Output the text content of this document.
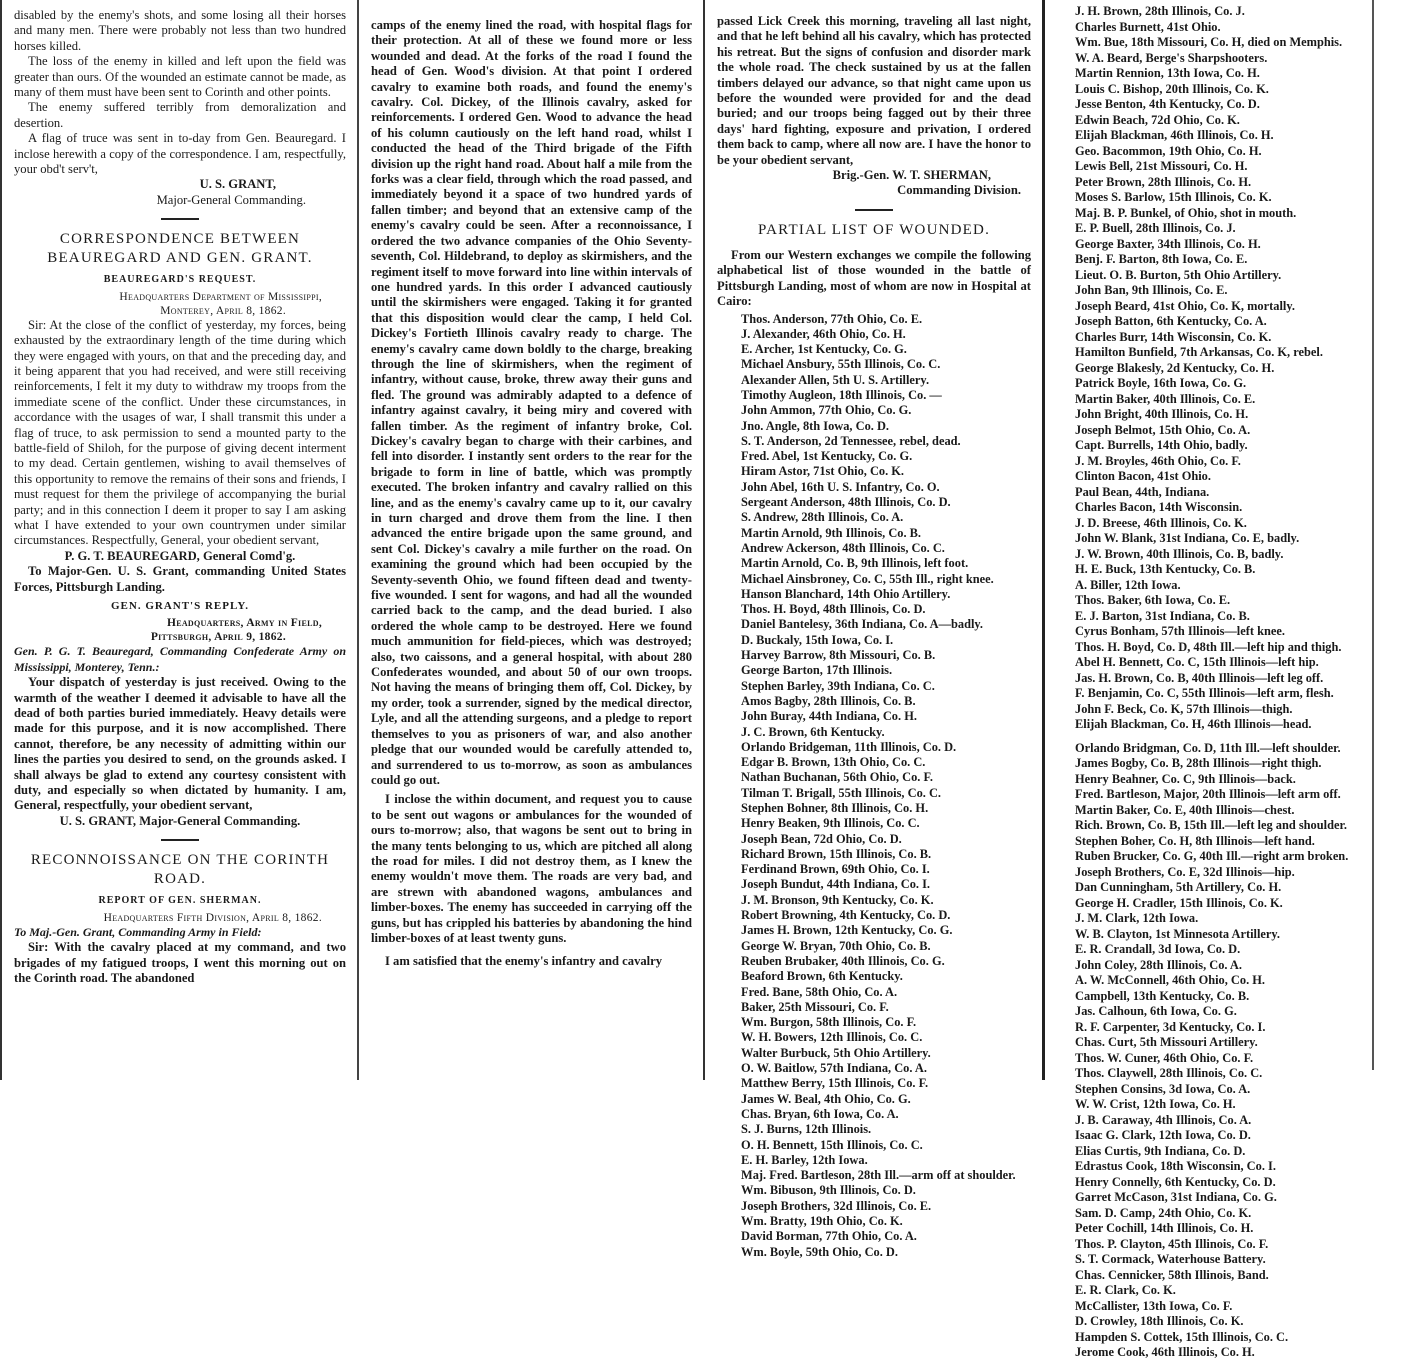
disabled by the enemy's shots, and some losing all their horses and many men. There were probably not less than two hundred horses killed.

The loss of the enemy in killed and left upon the field was greater than ours. Of the wounded an estimate cannot be made, as many of them must have been sent to Corinth and other points.

The enemy suffered terribly from demoralization and desertion.

A flag of truce was sent in to-day from Gen. Beauregard. I inclose herewith a copy of the correspondence. I am, respectfully, your obd't serv't,

U. S. GRANT,
Major-General Commanding.
CORRESPONDENCE BETWEEN BEAUREGARD AND GEN. GRANT.
BEAUREGARD'S REQUEST.
Headquarters Department of Mississippi,
Monterey, April 8, 1862.

Sir: At the close of the conflict of yesterday, my forces, being exhausted by the extraordinary length of the time during which they were engaged with yours, on that and the preceding day, and it being apparent that you had received, and were still receiving reinforcements, I felt it my duty to withdraw my troops from the immediate scene of the conflict. Under these circumstances, in accordance with the usages of war, I shall transmit this under a flag of truce, to ask permission to send a mounted party to the battle-field of Shiloh, for the purpose of giving decent interment to my dead. Certain gentlemen, wishing to avail themselves of this opportunity to remove the remains of their sons and friends, I must request for them the privilege of accompanying the burial party; and in this connection I deem it proper to say I am asking what I have extended to your own countrymen under similar circumstances. Respectfully, General, your obedient servant,

P. G. T. BEAUREGARD, General Comd'g.

To Major-Gen. U. S. Grant, commanding United States Forces, Pittsburgh Landing.

GEN. GRANT'S REPLY.
Headquarters, Army in Field,
Pittsburgh, April 9, 1862.

Gen. P. G. T. Beauregard, Commanding Confederate Army on Mississippi, Monterey, Tenn.:

Your dispatch of yesterday is just received. Owing to the warmth of the weather I deemed it advisable to have all the dead of both parties buried immediately. Heavy details were made for this purpose, and it is now accomplished. There cannot, therefore, be any necessity of admitting within our lines the parties you desired to send, on the grounds asked. I shall always be glad to extend any courtesy consistent with duty, and especially so when dictated by humanity. I am, General, respectfully, your obedient servant,

U. S. GRANT, Major-General Commanding.
RECONNOISSANCE ON THE CORINTH ROAD.
REPORT OF GEN. SHERMAN.
Headquarters Fifth Division, April 8, 1862.

To Maj.-Gen. Grant, Commanding Army in Field:

Sir: With the cavalry placed at my command, and two brigades of my fatigued troops, I went this morning out on the Corinth road. The abandoned

camps of the enemy lined the road, with hospital flags for their protection. At all of these we found more or less wounded and dead. At the forks of the road I found the head of Gen. Wood's division. At that point I ordered cavalry to examine both roads, and found the enemy's cavalry. Col. Dickey, of the Illinois cavalry, asked for reinforcements. I ordered Gen. Wood to advance the head of his column cautiously on the left hand road, whilst I conducted the head of the Third brigade of the Fifth division up the right hand road. About half a mile from the forks was a clear field, through which the road passed, and immediately beyond it a space of two hundred yards of fallen timber; and beyond that an extensive camp of the enemy's cavalry could be seen. After a reconnoissance, I ordered the two advance companies of the Ohio Seventy-seventh, Col. Hildebrand, to deploy as skirmishers, and the regiment itself to move forward into line within intervals of one hundred yards. In this order I advanced cautiously until the skirmishers were engaged. Taking it for granted that this disposition would clear the camp, I held Col. Dickey's Fortieth Illinois cavalry ready to charge. The enemy's cavalry came down boldly to the charge, breaking through the line of skirmishers, when the regiment of infantry, without cause, broke, threw away their guns and fled. The ground was admirably adapted to a defence of infantry against cavalry, it being miry and covered with fallen timber. As the regiment of infantry broke, Col. Dickey's cavalry began to charge with their carbines, and fell into disorder. I instantly sent orders to the rear for the brigade to form in line of battle, which was promptly executed. The broken infantry and cavalry rallied on this line, and as the enemy's cavalry came up to it, our cavalry in turn charged and drove them from the line. I then advanced the entire brigade upon the same ground, and sent Col. Dickey's cavalry a mile further on the road. On examining the ground which had been occupied by the Seventy-seventh Ohio, we found fifteen dead and twenty-five wounded. I sent for wagons, and had all the wounded carried back to the camp, and the dead buried. I also ordered the whole camp to be destroyed. Here we found much ammunition for field-pieces, which was destroyed; also, two caissons, and a general hospital, with about 280 Confederates wounded, and about 50 of our own troops. Not having the means of bringing them off, Col. Dickey, by my order, took a surrender, signed by the medical director, Lyle, and all the attending surgeons, and a pledge to report themselves to you as prisoners of war, and also another pledge that our wounded would be carefully attended to, and surrendered to us to-morrow, as soon as ambulances could go out.

I inclose the within document, and request you to cause to be sent out wagons or ambulances for the wounded of ours to-morrow; also, that wagons be sent out to bring in the many tents belonging to us, which are pitched all along the road for miles. I did not destroy them, as I knew the enemy wouldn't move them. The roads are very bad, and are strewn with abandoned wagons, ambulances and limber-boxes. The enemy has succeeded in carrying off the guns, but has crippled his batteries by abandoning the hind limber-boxes of at least twenty guns.

I am satisfied that the enemy's infantry and cavalry

passed Lick Creek this morning, traveling all last night, and that he left behind all his cavalry, which has protected his retreat. But the signs of confusion and disorder mark the whole road. The check sustained by us at the fallen timbers delayed our advance, so that night came upon us before the wounded were provided for and the dead buried; and our troops being fagged out by their three days' hard fighting, exposure and privation, I ordered them back to camp, where all now are. I have the honor to be your obedient servant,

Brig.-Gen. W. T. SHERMAN,
Commanding Division.
PARTIAL LIST OF WOUNDED.

From our Western exchanges we compile the following alphabetical list of those wounded in the battle of Pittsburgh Landing, most of whom are now in Hospital at Cairo:

Thos. Anderson, 77th Ohio, Co. E.
J. Alexander, 46th Ohio, Co. H.
E. Archer, 1st Kentucky, Co. G.
Michael Ansbury, 55th Illinois, Co. C.
Alexander Allen, 5th U. S. Artillery.
Timothy Augleon, 18th Illinois, Co. —
John Ammon, 77th Ohio, Co. G.
Jno. Angle, 8th Iowa, Co. D.
S. T. Anderson, 2d Tennessee, rebel, dead.
Fred. Abel, 1st Kentucky, Co. G.
Hiram Astor, 71st Ohio, Co. K.
John Abel, 16th U. S. Infantry, Co. O.
Sergeant Anderson, 48th Illinois, Co. D.
S. Andrew, 28th Illinois, Co. A.
Martin Arnold, 9th Illinois, Co. B.
Andrew Ackerson, 48th Illinois, Co. C.
Martin Arnold, Co. B, 9th Illinois, left foot.
Michael Ainsbroney, Co. C, 55th Ill., right knee.
Hanson Blanchard, 14th Ohio Artillery.
Thos. H. Boyd, 48th Illinois, Co. D.
Daniel Bantelesy, 36th Indiana, Co. A—badly.
D. Buckaly, 15th Iowa, Co. I.
Harvey Barrow, 8th Missouri, Co. B.
George Barton, 17th Illinois.
Stephen Barley, 39th Indiana, Co. C.
Amos Bagby, 28th Illinois, Co. B.
John Buray, 44th Indiana, Co. H.
J. C. Brown, 6th Kentucky.
Orlando Bridgeman, 11th Illinois, Co. D.
Edgar B. Brown, 13th Ohio, Co. C.
Nathan Buchanan, 56th Ohio, Co. F.
Tilman T. Brigall, 55th Illinois, Co. C.
Stephen Bohner, 8th Illinois, Co. H.
Henry Beaken, 9th Illinois, Co. C.
Joseph Bean, 72d Ohio, Co. D.
Richard Brown, 15th Illinois, Co. B.
Ferdinand Brown, 69th Ohio, Co. I.
Joseph Bundut, 44th Indiana, Co. I.
J. M. Bronson, 9th Kentucky, Co. K.
Robert Browning, 4th Kentucky, Co. D.
James H. Brown, 12th Kentucky, Co. G.
George W. Bryan, 70th Ohio, Co. B.
Reuben Brubaker, 40th Illinois, Co. G.
Beaford Brown, 6th Kentucky.
Fred. Bane, 58th Ohio, Co. A.
Baker, 25th Missouri, Co. F.
Wm. Burgon, 58th Illinois, Co. F.
W. H. Bowers, 12th Illinois, Co. C.
Walter Burbuck, 5th Ohio Artillery.
O. W. Baitlow, 57th Indiana, Co. A.
Matthew Berry, 15th Illinois, Co. F.
James W. Beal, 4th Ohio, Co. G.
Chas. Bryan, 6th Iowa, Co. A.
S. J. Burns, 12th Illinois.
O. H. Bennett, 15th Illinois, Co. C.
E. H. Barley, 12th Iowa.
Maj. Fred. Bartleson, 28th Ill.—arm off at shoulder.
Wm. Bibuson, 9th Illinois, Co. D.
Joseph Brothers, 32d Illinois, Co. E.
Wm. Bratty, 19th Ohio, Co. K.
David Borman, 77th Ohio, Co. A.
Wm. Boyle, 59th Ohio, Co. D.
J. H. Brown, 28th Illinois, Co. J.
Charles Burnett, 41st Ohio.
Wm. Bue, 18th Missouri, Co. H, died on Memphis.
W. A. Beard, Berge's Sharpshooters.
Martin Rennion, 13th Iowa, Co. H.
Louis C. Bishop, 20th Illinois, Co. K.
Jesse Benton, 4th Kentucky, Co. D.
Edwin Beach, 72d Ohio, Co. K.
Elijah Blackman, 46th Illinois, Co. H.
Geo. Bacommon, 19th Ohio, Co. H.
Lewis Bell, 21st Missouri, Co. H.
Peter Brown, 28th Illinois, Co. H.
Moses S. Barlow, 15th Illinois, Co. K.
Maj. B. P. Bunkel, of Ohio, shot in mouth.
E. P. Buell, 28th Illinois, Co. J.
George Baxter, 34th Illinois, Co. H.
Benj. F. Barton, 8th Iowa, Co. E.
Lieut. O. B. Burton, 5th Ohio Artillery.
John Ban, 9th Illinois, Co. E.
Joseph Beard, 41st Ohio, Co. K, mortally.
Joseph Batton, 6th Kentucky, Co. A.
Charles Burr, 14th Wisconsin, Co. K.
Hamilton Bunfield, 7th Arkansas, Co. K, rebel.
George Blakesly, 2d Kentucky, Co. H.
Patrick Boyle, 16th Iowa, Co. G.
Martin Baker, 40th Illinois, Co. E.
John Bright, 40th Illinois, Co. H.
Joseph Belmot, 15th Ohio, Co. A.
Capt. Burrells, 14th Ohio, badly.
J. M. Broyles, 46th Ohio, Co. F.
Clinton Bacon, 41st Ohio.
Paul Bean, 44th, Indiana.
Charles Bacon, 14th Wisconsin.
J. D. Breese, 46th Illinois, Co. K.
John W. Blank, 31st Indiana, Co. E, badly.
J. W. Brown, 40th Illinois, Co. B, badly.
H. E. Buck, 13th Kentucky, Co. B.
A. Biller, 12th Iowa.
Thos. Baker, 6th Iowa, Co. E.
E. J. Barton, 31st Indiana, Co. B.
Cyrus Bonham, 57th Illinois—left knee.
Thos. H. Boyd, Co. D, 48th Ill.—left hip and thigh.
Abel H. Bennett, Co. C, 15th Illinois—left hip.
Jas. H. Brown, Co. B, 40th Illinois—left leg off.
F. Benjamin, Co. C, 55th Illinois—left arm, flesh.
John F. Beck, Co. K, 57th Illinois—thigh.
Elijah Blackman, Co. H, 46th Illinois—head.
Orlando Bridgman, Co. D, 11th Ill.—left shoulder.
James Bogby, Co. B, 28th Illinois—right thigh.
Henry Beahner, Co. C, 9th Illinois—back.
Fred. Bartleson, Major, 20th Illinois—left arm off.
Martin Baker, Co. E, 40th Illinois—chest.
Rich. Brown, Co. B, 15th Ill.—left leg and shoulder.
Stephen Boher, Co. H, 8th Illinois—left hand.
Ruben Brucker, Co. G, 40th Ill.—right arm broken.
Joseph Brothers, Co. E, 32d Illinois—hip.
Dan Cunningham, 5th Artillery, Co. H.
George H. Cradler, 15th Illinois, Co. K.
J. M. Clark, 12th Iowa.
W. B. Clayton, 1st Minnesota Artillery.
E. R. Crandall, 3d Iowa, Co. D.
John Coley, 28th Illinois, Co. A.
A. W. McConnell, 46th Ohio, Co. H.
Campbell, 13th Kentucky, Co. B.
Jas. Calhoun, 6th Iowa, Co. G.
R. F. Carpenter, 3d Kentucky, Co. I.
Chas. Curt, 5th Missouri Artillery.
Thos. W. Cuner, 46th Ohio, Co. F.
Thos. Claywell, 28th Illinois, Co. C.
Stephen Consins, 3d Iowa, Co. A.
W. W. Crist, 12th Iowa, Co. H.
J. B. Caraway, 4th Illinois, Co. A.
Isaac G. Clark, 12th Iowa, Co. D.
Elias Curtis, 9th Indiana, Co. D.
Edrastus Cook, 18th Wisconsin, Co. I.
Henry Connelly, 6th Kentucky, Co. D.
Garret McCason, 31st Indiana, Co. G.
Sam. D. Camp, 24th Ohio, Co. K.
Peter Cochill, 14th Illinois, Co. H.
Thos. P. Clayton, 45th Illinois, Co. F.
S. T. Cormack, Waterhouse Battery.
Chas. Cennicker, 58th Illinois, Band.
E. R. Clark, Co. K.
McCallister, 13th Iowa, Co. F.
D. Crowley, 18th Illinois, Co. K.
Hampden S. Cottek, 15th Illinois, Co. C.
Jerome Cook, 46th Illinois, Co. H.
